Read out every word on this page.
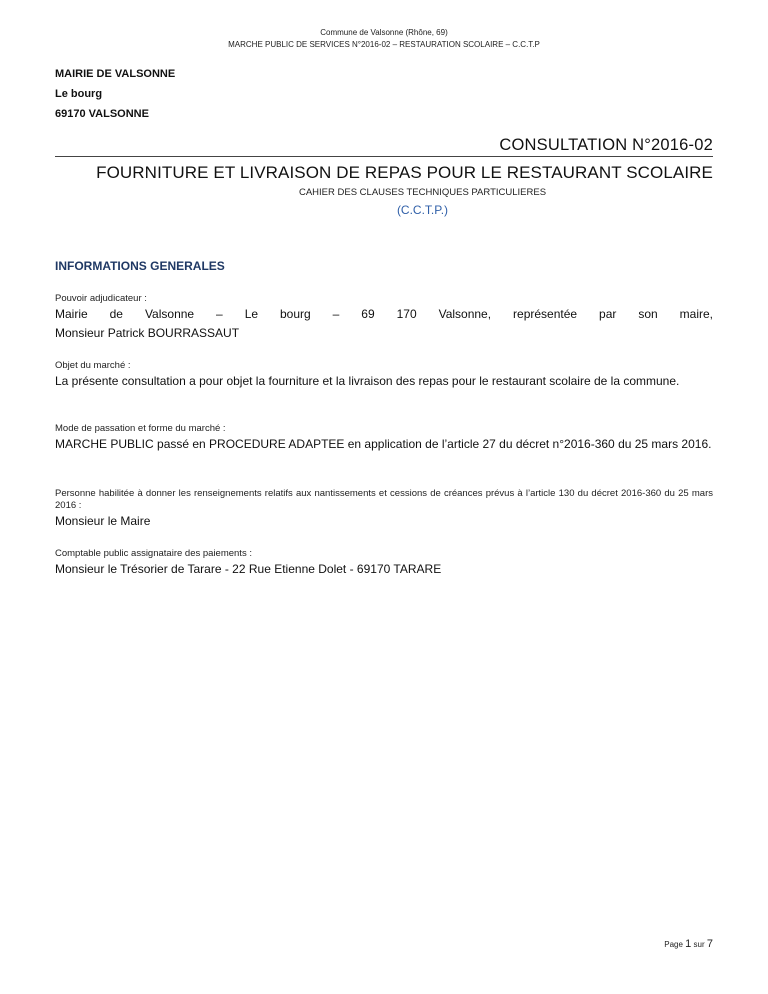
Commune de Valsonne (Rhône, 69)
MARCHE PUBLIC DE SERVICES N°2016-02 – RESTAURATION SCOLAIRE – C.C.T.P
MAIRIE DE VALSONNE
Le bourg
69170 VALSONNE
CONSULTATION N°2016-02
FOURNITURE ET LIVRAISON DE REPAS POUR LE RESTAURANT SCOLAIRE
CAHIER DES CLAUSES TECHNIQUES PARTICULIERES
(C.C.T.P.)
INFORMATIONS GENERALES
Pouvoir adjudicateur :
Mairie de Valsonne – Le bourg – 69 170 Valsonne, représentée par son maire,
Monsieur Patrick BOURRASSAUT
Objet du marché :
La présente consultation a pour objet la fourniture et la livraison des repas pour le restaurant scolaire de la commune.
Mode de passation et forme du marché :
MARCHE PUBLIC passé en PROCEDURE ADAPTEE en application de l’article 27 du décret n°2016-360 du 25 mars 2016.
Personne habilitée à donner les renseignements relatifs aux nantissements et cessions de créances prévus à l’article 130 du décret 2016-360 du 25 mars 2016 :
Monsieur le Maire
Comptable public assignataire des paiements :
Monsieur le Trésorier de Tarare - 22 Rue Etienne Dolet - 69170 TARARE
Page 1 sur 7
